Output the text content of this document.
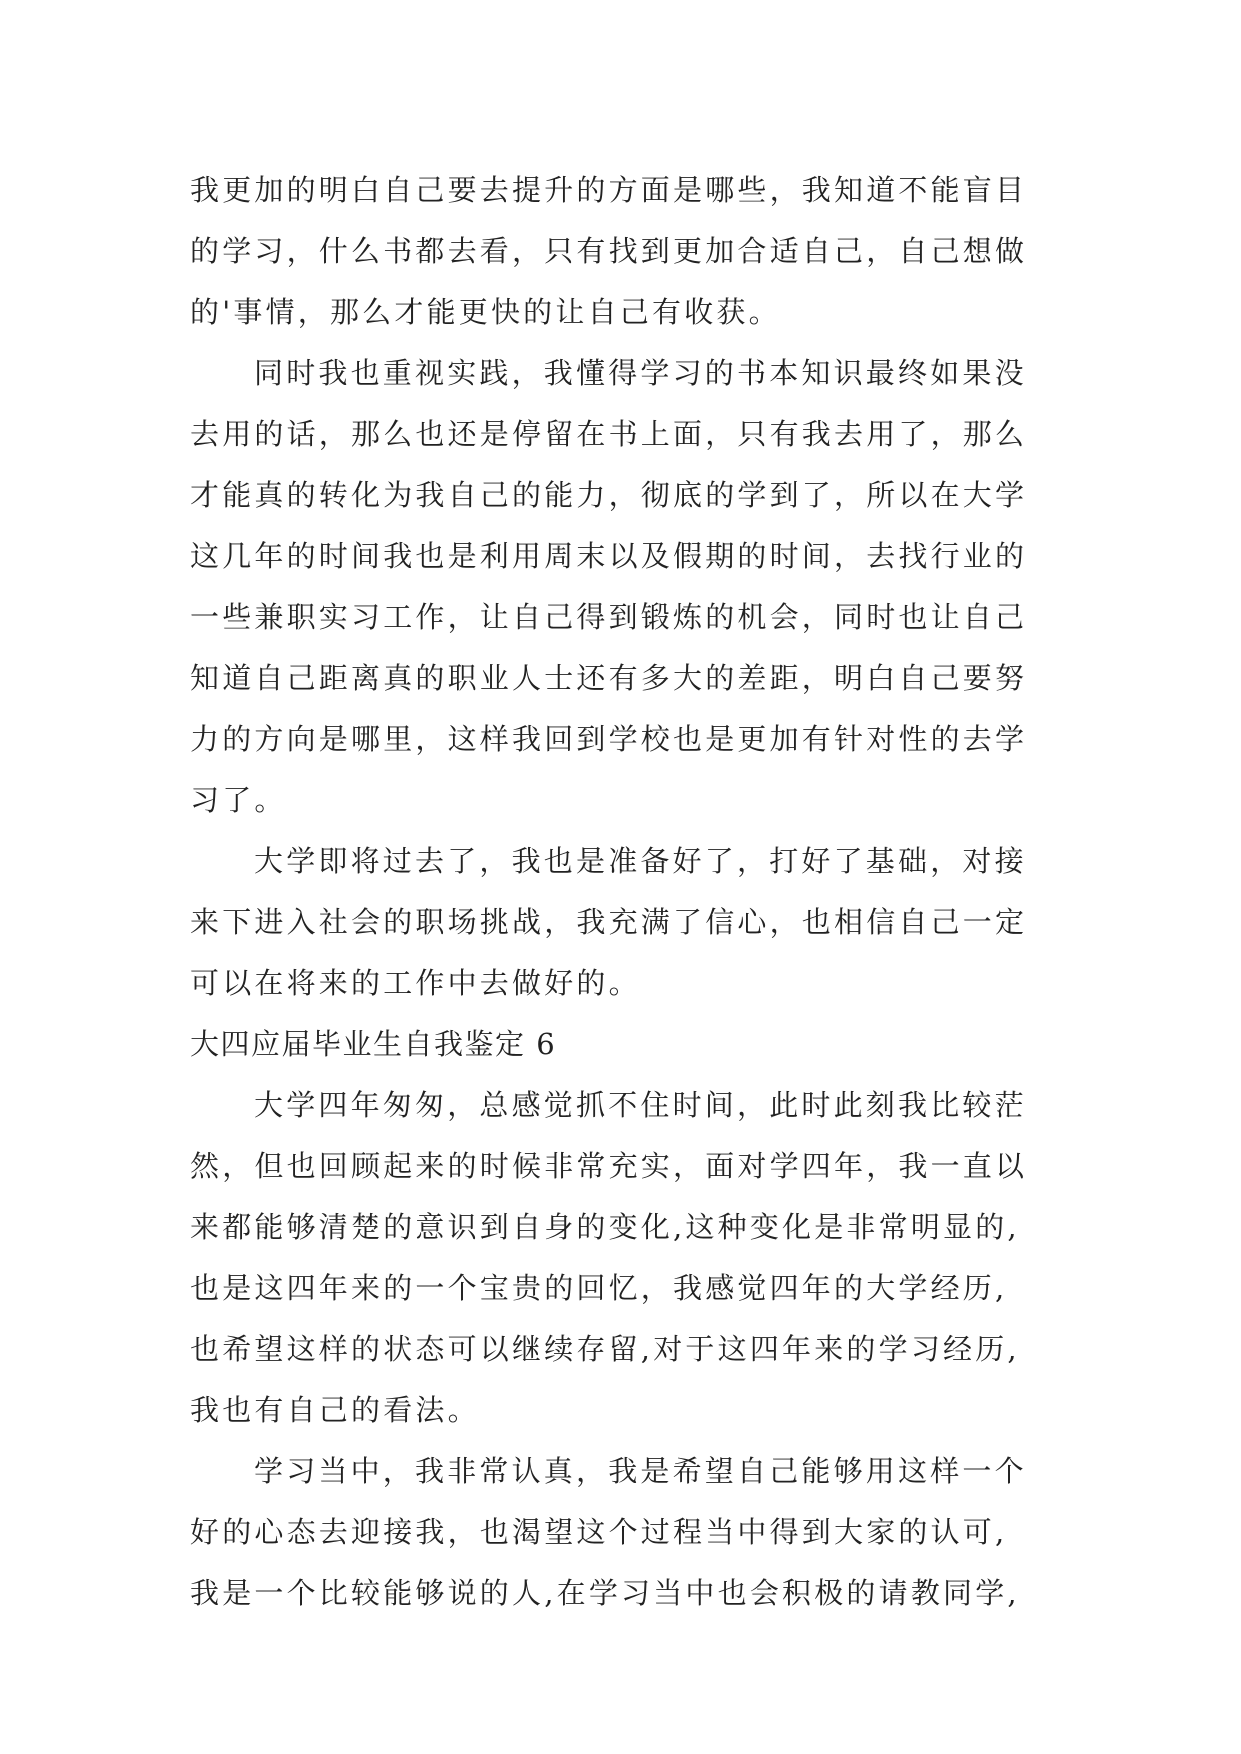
我更加的明白自己要去提升的方面是哪些，我知道不能盲目
的学习，什么书都去看，只有找到更加合适自己，自己想做
的'事情，那么才能更快的让自己有收获。
同时我也重视实践，我懂得学习的书本知识最终如果没
去用的话，那么也还是停留在书上面，只有我去用了，那么
才能真的转化为我自己的能力，彻底的学到了，所以在大学
这几年的时间我也是利用周末以及假期的时间，去找行业的
一些兼职实习工作，让自己得到锻炼的机会，同时也让自己
知道自己距离真的职业人士还有多大的差距，明白自己要努
力的方向是哪里，这样我回到学校也是更加有针对性的去学
习了。
大学即将过去了，我也是准备好了，打好了基础，对接
来下进入社会的职场挑战，我充满了信心，也相信自己一定
可以在将来的工作中去做好的。
大四应届毕业生自我鉴定 6
大学四年匆匆，总感觉抓不住时间，此时此刻我比较茫
然，但也回顾起来的时候非常充实，面对学四年，我一直以
来都能够清楚的意识到自身的变化,这种变化是非常明显的,
也是这四年来的一个宝贵的回忆，我感觉四年的大学经历,
也希望这样的状态可以继续存留,对于这四年来的学习经历,
我也有自己的看法。
学习当中，我非常认真，我是希望自己能够用这样一个
好的心态去迎接我，也渴望这个过程当中得到大家的认可,
我是一个比较能够说的人,在学习当中也会积极的请教同学,
